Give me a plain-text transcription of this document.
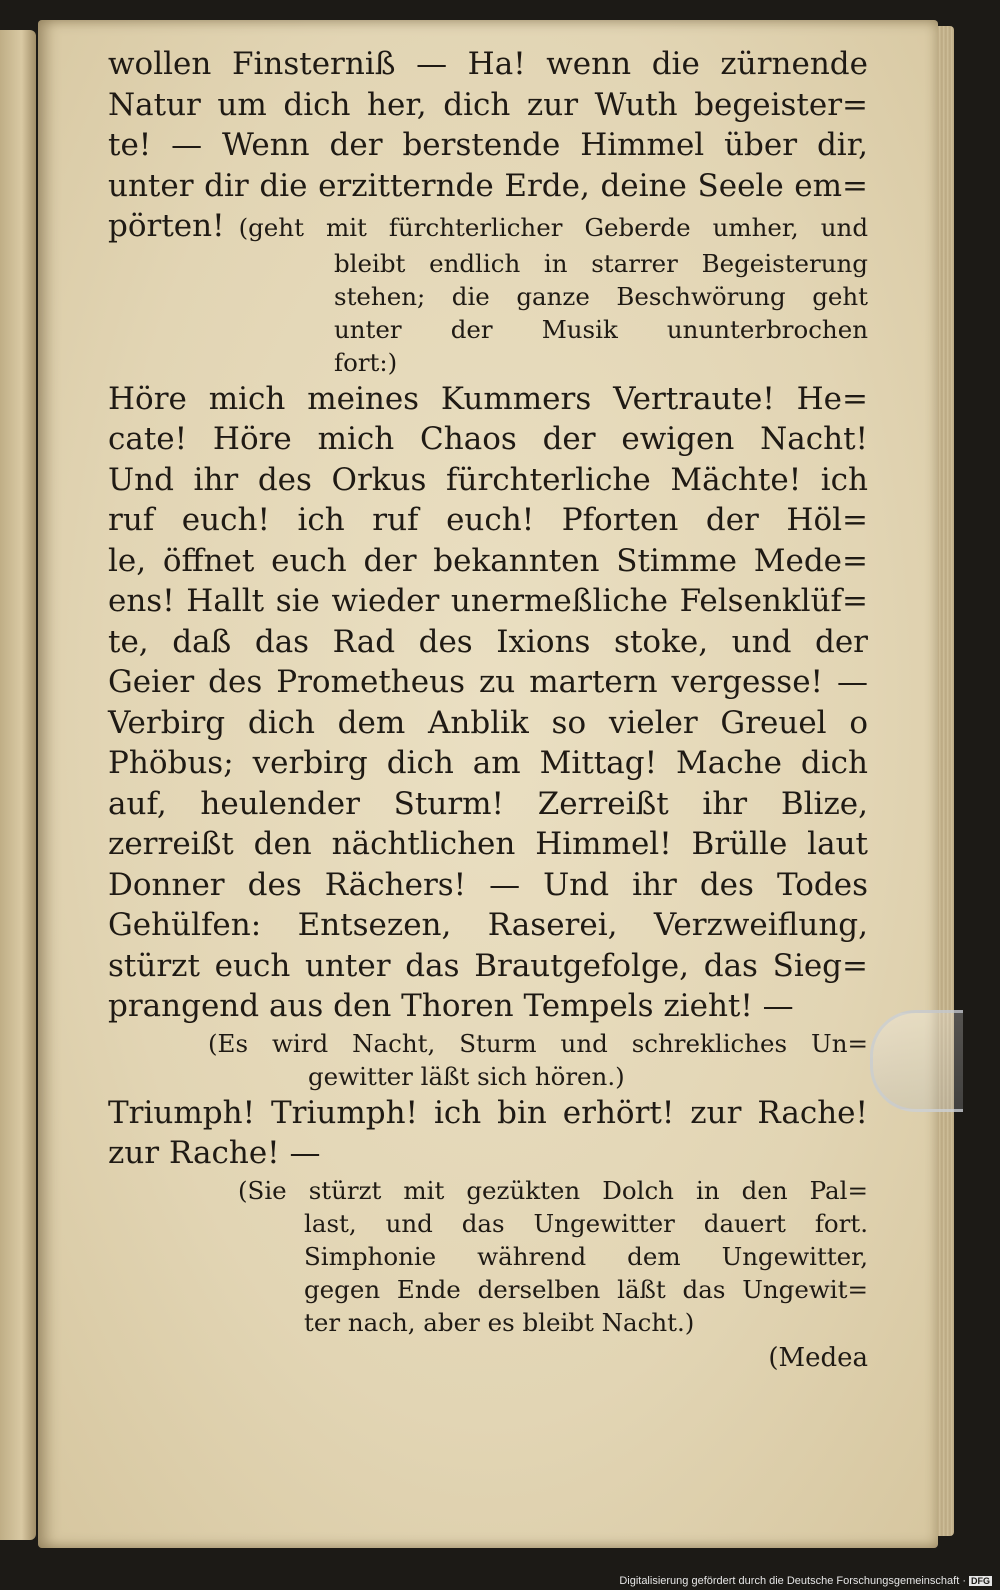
wollen Finsterniß — Ha! wenn die zürnende
Natur um dich her, dich zur Wuth begeister=
te! — Wenn der berstende Himmel über dir,
unter dir die erzitternde Erde, deine Seele em=
pörten! (geht mit fürchterlicher Geberde umher, und
bleibt endlich in starrer Begeisterung
stehen; die ganze Beschwörung geht
unter der Musik ununterbrochen
fort:)
Höre mich meines Kummers Vertraute! He=
cate! Höre mich Chaos der ewigen Nacht!
Und ihr des Orkus fürchterliche Mächte! ich
ruf euch! ich ruf euch! Pforten der Höl=
le, öffnet euch der bekannten Stimme Mede=
ens! Hallt sie wieder unermeßliche Felsenklüf=
te, daß das Rad des Ixions stoke, und der
Geier des Prometheus zu martern vergesse! —
Verbirg dich dem Anblik so vieler Greuel o
Phöbus; verbirg dich am Mittag! Mache dich
auf, heulender Sturm! Zerreißt ihr Blize,
zerreißt den nächtlichen Himmel! Brülle laut
Donner des Rächers! — Und ihr des Todes
Gehülfen: Entsezen, Raserei, Verzweiflung,
stürzt euch unter das Brautgefolge, das Sieg=
prangend aus den Thoren Tempels zieht! —
(Es wird Nacht, Sturm und schrekliches Un=
gewitter läßt sich hören.)
Triumph! Triumph! ich bin erhört! zur Rache!
zur Rache! —
(Sie stürzt mit gezükten Dolch in den Pal=
last, und das Ungewitter dauert fort.
Simphonie während dem Ungewitter,
gegen Ende derselben läßt das Ungewit=
ter nach, aber es bleibt Nacht.)
(Medea
Digitalisierung gefördert durch die Deutsche Forschungsgemeinschaft · DFG
